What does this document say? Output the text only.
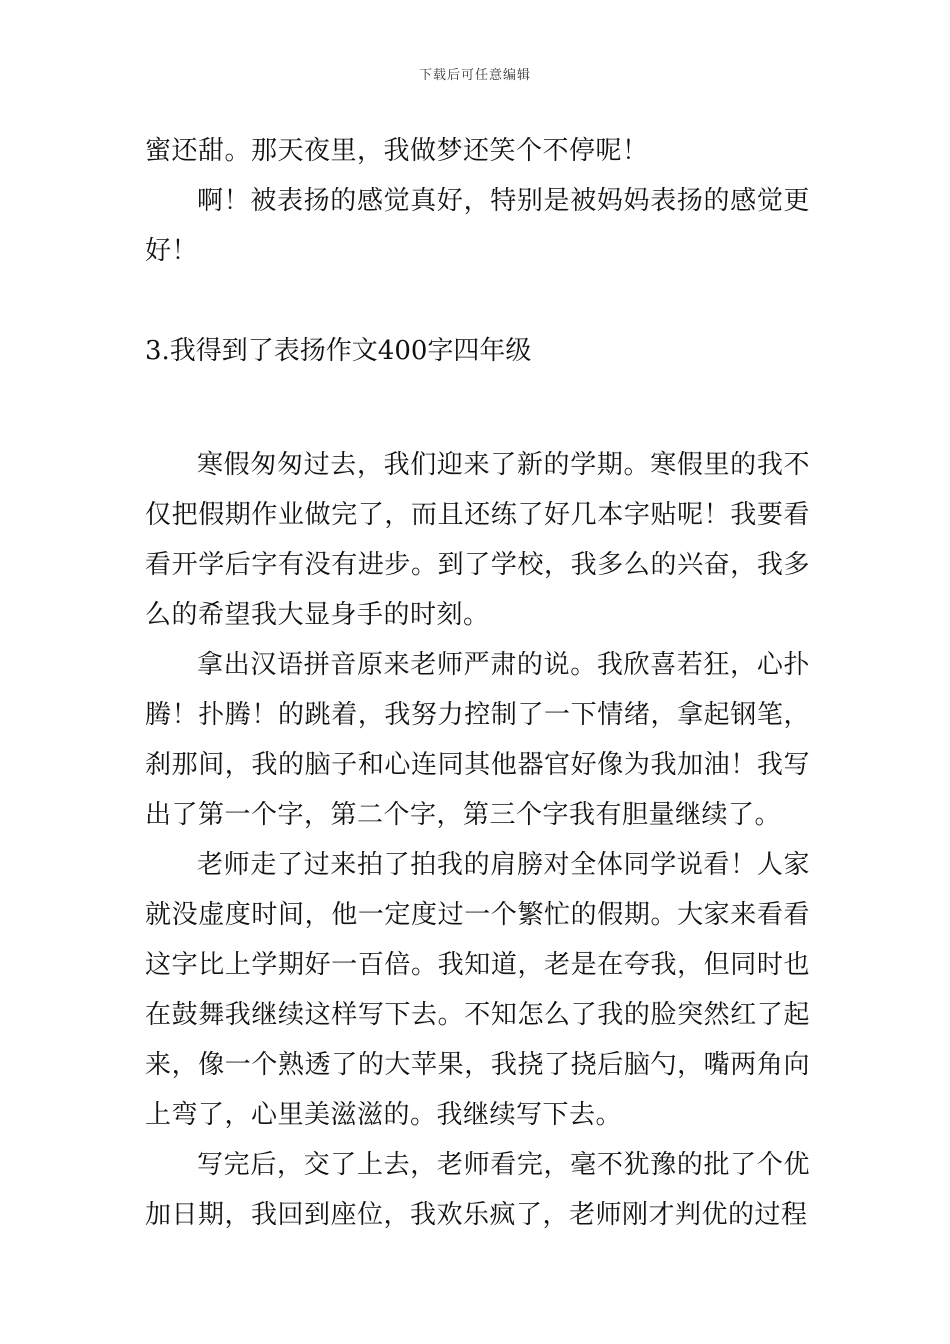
下载后可任意编辑

蜜还甜。那天夜里，我做梦还笑个不停呢！

啊！被表扬的感觉真好，特别是被妈妈表扬的感觉更好！

3.我得到了表扬作文400字四年级

寒假匆匆过去，我们迎来了新的学期。寒假里的我不仅把假期作业做完了，而且还练了好几本字贴呢！我要看看开学后字有没有进步。到了学校，我多么的兴奋，我多么的希望我大显身手的时刻。

拿出汉语拼音原来老师严肃的说。我欣喜若狂，心扑腾！扑腾！的跳着，我努力控制了一下情绪，拿起钢笔，刹那间，我的脑子和心连同其他器官好像为我加油！我写出了第一个字，第二个字，第三个字我有胆量继续了。

老师走了过来拍了拍我的肩膀对全体同学说看！人家就没虚度时间，他一定度过一个繁忙的假期。大家来看看这字比上学期好一百倍。我知道，老是在夸我，但同时也在鼓舞我继续这样写下去。不知怎么了我的脸突然红了起来，像一个熟透了的大苹果，我挠了挠后脑勺，嘴两角向上弯了，心里美滋滋的。我继续写下去。

写完后，交了上去，老师看完，毫不犹豫的批了个优加日期，我回到座位，我欢乐疯了，老师刚才判优的过程
